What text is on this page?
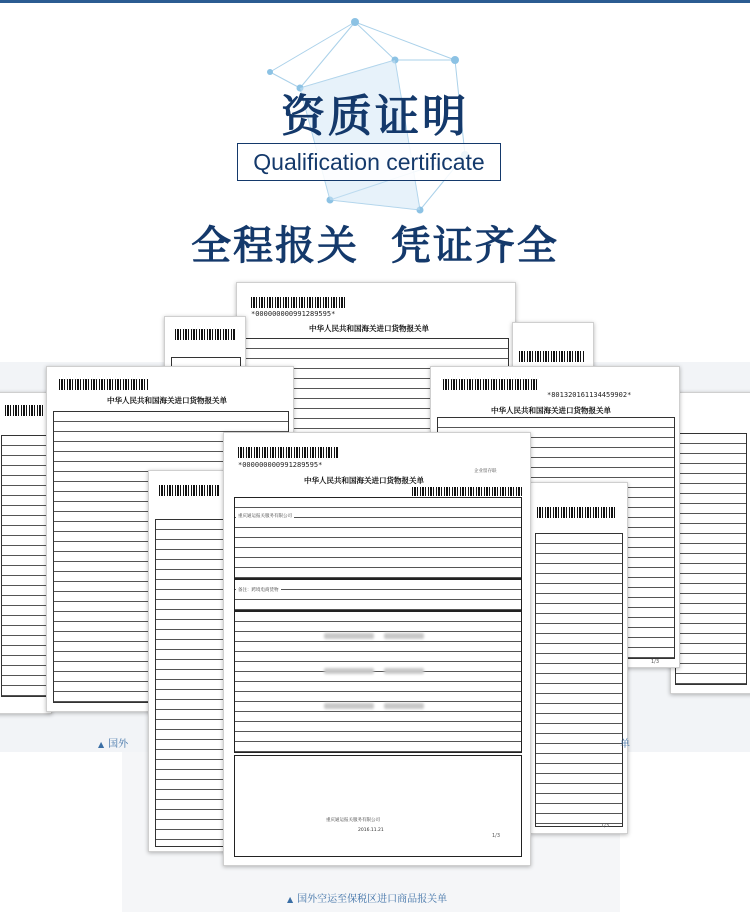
资质证明
Qualification certificate
全程报关  凭证齐全
*000000000991289595*
中华人民共和国海关进口货物报关单
中华人民共和国海关进口货物报关单
*801320161134459902*
中华人民共和国海关进口货物报关单
1/3
1/3
*000000000991289595*
企业留存联
中华人民共和国海关进口货物报关单
重庆通运报关服务有限公司
备注：跨境电商货物
重庆通运报关服务有限公司
2016.11.21
1/3
▲ 国外	单
▲ 国外空运至保税区进口商品报关单
